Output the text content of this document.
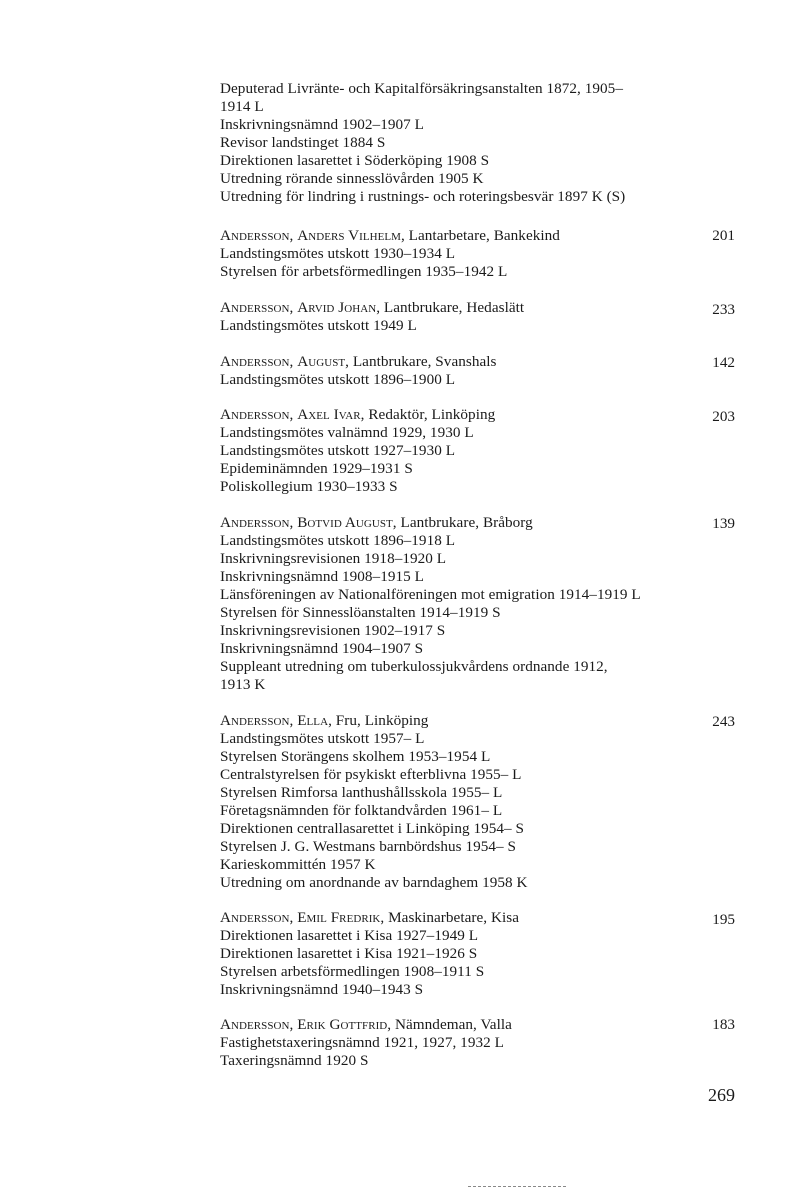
Deputerad Livränte- och Kapitalförsäkringsanstalten 1872, 1905–
1914 L
Inskrivningsnämnd 1902–1907 L
Revisor landstinget 1884 S
Direktionen lasarettet i Söderköping 1908 S
Utredning rörande sinnesslövården 1905 K
Utredning för lindring i rustnings- och roteringsbesvär 1897 K (S)
Andersson, Anders Vilhelm, Lantarbetare, Bankekind	201
Landstingsmötes utskott 1930–1934 L
Styrelsen för arbetsförmedlingen 1935–1942 L
Andersson, Arvid Johan, Lantbrukare, Hedaslätt	233
Landstingsmötes utskott 1949 L
Andersson, August, Lantbrukare, Svanshals	142
Landstingsmötes utskott 1896–1900 L
Andersson, Axel Ivar, Redaktör, Linköping	203
Landstingsmötes valnämnd 1929, 1930 L
Landstingsmötes utskott 1927–1930 L
Epideminämnden 1929–1931 S
Poliskollegium 1930–1933 S
Andersson, Botvid August, Lantbrukare, Bråborg	139
Landstingsmötes utskott 1896–1918 L
Inskrivningsrevisionen 1918–1920 L
Inskrivningsnämnd 1908–1915 L
Länsföreningen av Nationalföreningen mot emigration 1914–1919 L
Styrelsen för Sinnesslöanstalten 1914–1919 S
Inskrivningsrevisionen 1902–1917 S
Inskrivningsnämnd 1904–1907 S
Suppleant utredning om tuberkulossjukvårdens ordnande 1912,
1913 K
Andersson, Ella, Fru, Linköping	243
Landstingsmötes utskott 1957– L
Styrelsen Storängens skolhem 1953–1954 L
Centralstyrelsen för psykiskt efterblivna 1955– L
Styrelsen Rimforsa lanthushållsskola 1955– L
Företagsnämnden för folktandvården 1961– L
Direktionen centrallasarettet i Linköping 1954– S
Styrelsen J. G. Westmans barnbördshus 1954– S
Karieskommittén 1957 K
Utredning om anordnande av barndaghem 1958 K
Andersson, Emil Fredrik, Maskinarbetare, Kisa	195
Direktionen lasarettet i Kisa 1927–1949 L
Direktionen lasarettet i Kisa 1921–1926 S
Styrelsen arbetsförmedlingen 1908–1911 S
Inskrivningsnämnd 1940–1943 S
Andersson, Erik Gottfrid, Nämndeman, Valla	183
Fastighetstaxeringsnämnd 1921, 1927, 1932 L
Taxeringsnämnd 1920 S
269
